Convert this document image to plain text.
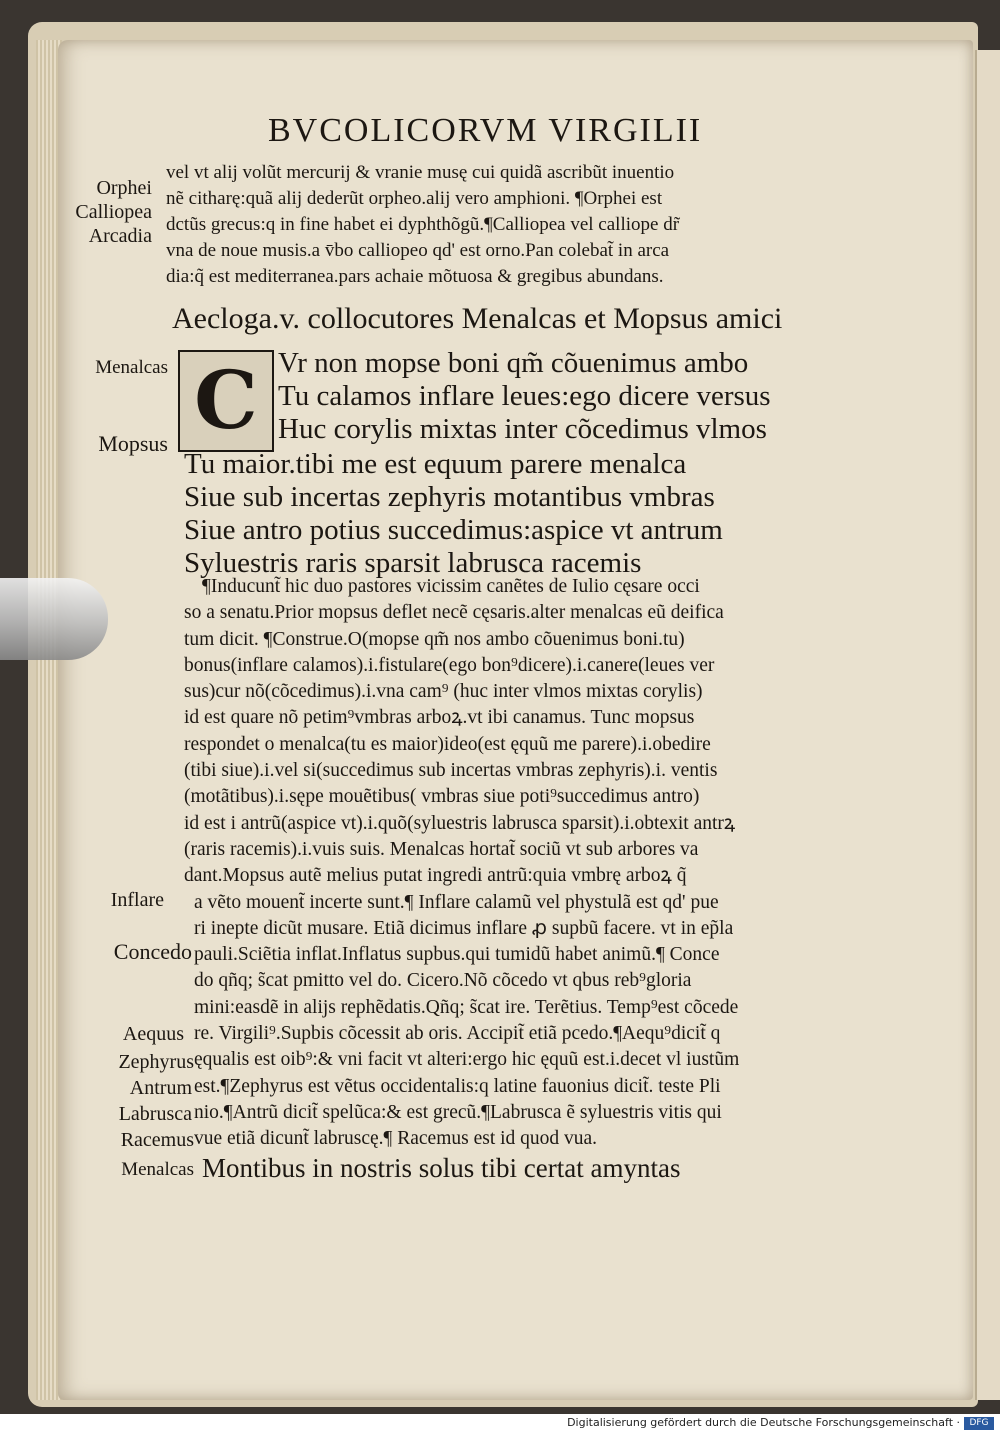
BVCOLICORVM VIRGILII
Orphei
Calliopea
Arcadia
vel vt alij volũt mercurij & vranie musę cui quidã ascribũt inuentio
nẽ citharę:quã alij dederũt orpheo.alij vero amphioni. ¶Orphei est
dctũs grecus:q in fine habet ei dyphthõgũ.¶Calliopea vel calliope dr̃
vna de noue musis.a v̄bo calliopeo qd' est orno.Pan colebat̃ in arca
dia:q̃ est mediterranea.pars achaie mõtuosa & gregibus abundans.
Aecloga.v. collocutores Menalcas et Mopsus amici
Menalcas
Mopsus C Vr non mopse boni qm̃ cõuenimus ambo
Tu calamos inflare leues:ego dicere versus
Huc corylis mixtas inter cõcedimus vlmos
Tu maior.tibi me est equum parere menalca
Siue sub incertas zephyris motantibus vmbras
Siue antro potius succedimus:aspice vt antrum
Syluestris raris sparsit labrusca racemis
¶Inducunt̃ hic duo pastores vicissim canẽtes de Iulio cęsare occi
so a senatu.Prior mopsus deflet necẽ cęsaris.alter menalcas eũ deifica
tum dicit. ¶Construe.O(mopse qm̃ nos ambo cõuenimus boni.tu)
bonus(inflare calamos).i.fistulare(ego bon⁹dicere).i.canere(leues ver
sus)cur nõ(cõcedimus).i.vna cam⁹ (huc inter vlmos mixtas corylis)
id est quare nõ petim⁹vmbras arboꝝ.vt ibi canamus. Tunc mopsus
respondet o menalca(tu es maior)ideo(est ęquũ me parere).i.obedire
(tibi siue).i.vel si(succedimus sub incertas vmbras zephyris).i. ventis
(motãtibus).i.sępe mouẽtibus( vmbras siue poti⁹succedimus antro)
id est i antrũ(aspice vt).i.quõ(syluestris labrusca sparsit).i.obtexit antrꝝ
(raris racemis).i.vuis suis. Menalcas hortat̃ sociũ vt sub arbores va
dant.Mopsus autẽ melius putat ingredi antrũ:quia vmbrę arboꝝ q̃
a vẽto mouent̃ incerte sunt.¶ Inflare calamũ vel phystulã est qd' pue
ri inepte dicũt musare. Etiã dicimus inflare ꝓ supbũ facere. vt in ep̃la
pauli.Sciẽtia inflat.Inflatus supbus.qui tumidũ habet animũ.¶ Conce
do qñq; s̃cat pmitto vel do. Cicero.Nõ cõcedo vt qbus reb⁹gloria
mini:easdẽ in alijs rephẽdatis.Qñq; s̃cat ire. Terẽtius. Temp⁹est cõcede
re. Virgili⁹.Supbis cõcessit ab oris. Accipit̃ etiã pcedo.¶Aequ⁹dicit̃ q
ęqualis est oib⁹:& vni facit vt alteri:ergo hic ęquũ est.i.decet vl iustũm
est.¶Zephyrus est vẽtus occidentalis:q latine fauonius dicit̃. teste Pli
nio.¶Antrũ dicit̃ spelũca:& est grecũ.¶Labrusca ẽ syluestris vitis qui
vue etiã dicunt̃ labruscę.¶ Racemus est id quod vua.
Inflare
Concedo
Aequus
Zephyrus
Antrum
Labrusca
Racemus
Menalcas Montibus in nostris solus tibi certat amyntas
Digitalisierung gefördert durch die Deutsche Forschungsgemeinschaft ·	DFG
